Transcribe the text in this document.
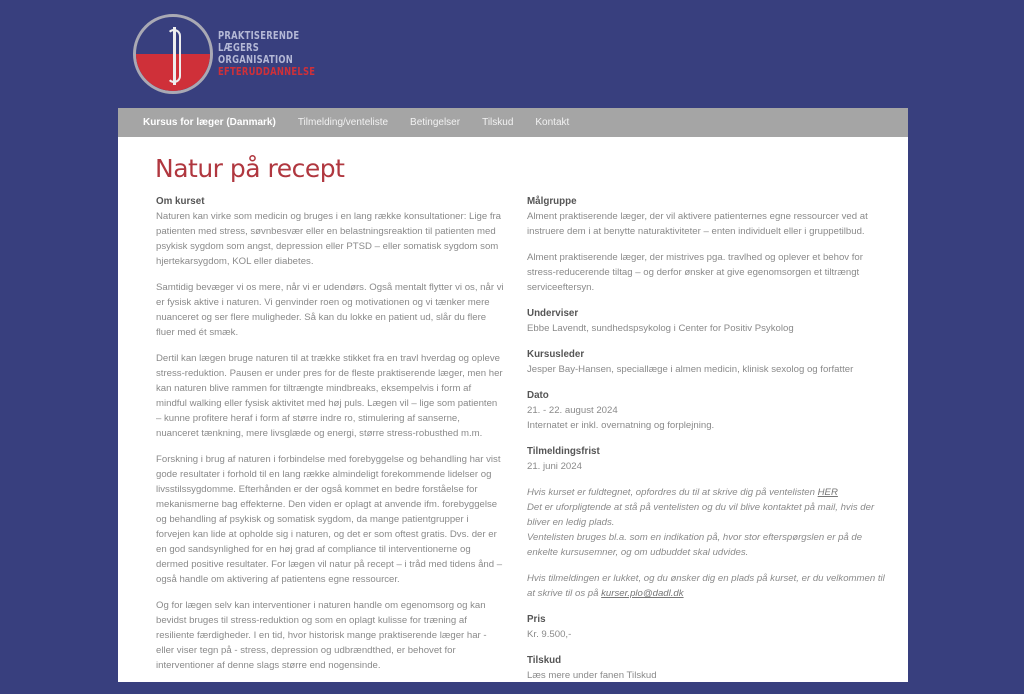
PRAKTISERENDE
LÆGERS
ORGANISATION
EFTERUDDANNELSE
Kursus for læger (Danmark) Tilmelding/venteliste Betingelser Tilskud Kontakt
Natur på recept
Om kurset

Naturen kan virke som medicin og bruges i en lang række konsultationer: Lige fra patienten med stress, søvnbesvær eller en belastningsreaktion til patienten med psykisk sygdom som angst, depression eller PTSD – eller somatisk sygdom som hjertekarsygdom, KOL eller diabetes.

Samtidig bevæger vi os mere, når vi er udendørs. Også mentalt flytter vi os, når vi er fysisk aktive i naturen. Vi genvinder roen og motivationen og vi tænker mere nuanceret og ser flere muligheder. Så kan du lokke en patient ud, slår du flere fluer med ét smæk.

Dertil kan lægen bruge naturen til at trække stikket fra en travl hverdag og opleve stress-reduktion. Pausen er under pres for de fleste praktiserende læger, men her kan naturen blive rammen for tiltrængte mindbreaks, eksempelvis i form af mindful walking eller fysisk aktivitet med høj puls. Lægen vil – lige som patienten – kunne profitere heraf i form af større indre ro, stimulering af sanserne, nuanceret tænkning, mere livsglæde og energi, større stress-robusthed m.m.

Forskning i brug af naturen i forbindelse med forebyggelse og behandling har vist gode resultater i forhold til en lang række almindeligt forekommende lidelser og livsstilssygdomme. Efterhånden er der også kommet en bedre forståelse for mekanismerne bag effekterne. Den viden er oplagt at anvende ifm. forebyggelse og behandling af psykisk og somatisk sygdom, da mange patientgrupper i forvejen kan lide at opholde sig i naturen, og det er som oftest gratis. Dvs. der er en god sandsynlighed for en høj grad af compliance til interventionerne og dermed positive resultater. For lægen vil natur på recept – i tråd med tidens ånd – også handle om aktivering af patientens egne ressourcer.

Og for lægen selv kan interventioner i naturen handle om egenomsorg og kan bevidst bruges til stress-reduktion og som en oplagt kulisse for træning af resiliente færdigheder. I en tid, hvor historisk mange praktiserende læger har - eller viser tegn på - stress, depression og udbrændthed, er behovet for interventioner af denne slags større end nogensinde.

Målgruppe

Alment praktiserende læger, der vil aktivere patienternes egne ressourcer ved at instruere dem i at benytte naturaktiviteter – enten individuelt eller i gruppetilbud.

Alment praktiserende læger, der mistrives pga. travlhed og oplever et behov for stress-reducerende tiltag – og derfor ønsker at give egenomsorgen et tiltrængt serviceeftersyn.

Underviser
Ebbe Lavendt, sundhedspsykolog i Center for Positiv Psykolog
Kursusleder
Jesper Bay-Hansen, speciallæge i almen medicin, klinisk sexolog og forfatter
Dato
21. - 22. august 2024
Internatet er inkl. overnatning og forplejning.
Tilmeldingsfrist
21. juni 2024
Hvis kurset er fuldtegnet, opfordres du til at skrive dig på ventelisten HER
Det er uforpligtende at stå på ventelisten og du vil blive kontaktet på mail, hvis der bliver en ledig plads.
Ventelisten bruges bl.a. som en indikation på, hvor stor efterspørgslen er på de enkelte kursusemner, og om udbuddet skal udvides.
Hvis tilmeldingen er lukket, og du ønsker dig en plads på kurset, er du velkommen til at skrive til os på kurser.plo@dadl.dk
Pris
Kr. 9.500,-
Tilskud
Læs mere under fanen Tilskud
